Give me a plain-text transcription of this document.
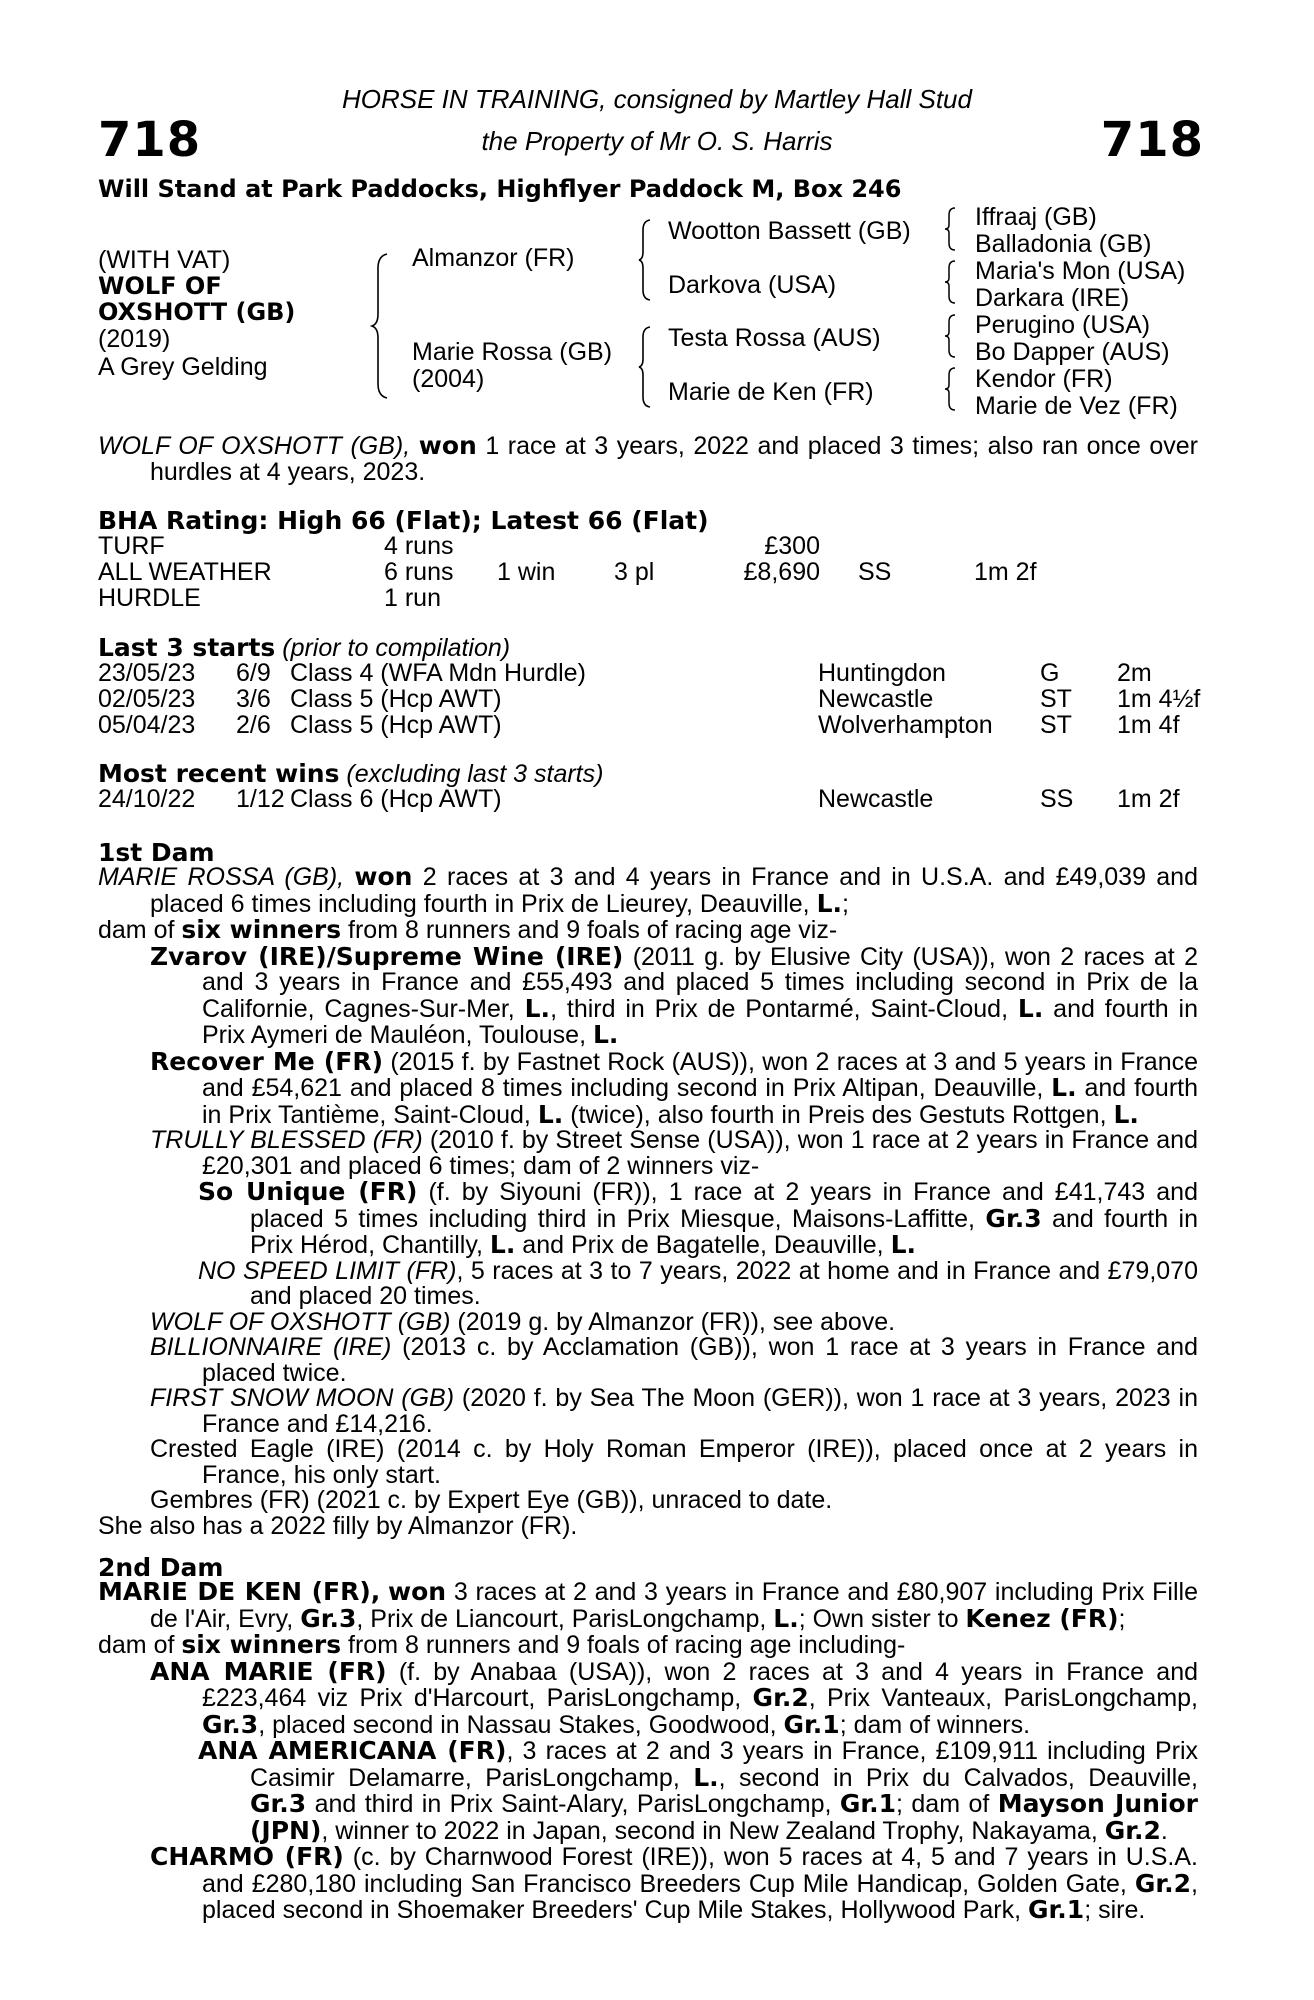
718	718
HORSE IN TRAINING, consigned by Martley Hall Stud
the Property of Mr O. S. Harris
Will Stand at Park Paddocks, Highflyer Paddock M, Box 246
(WITH VAT)
WOLF OF
OXSHOTT (GB)
(2019)
A Grey Gelding
Almanzor (FR)
Marie Rossa (GB)
(2004)
Wootton Bassett (GB)
Darkova (USA)
Testa Rossa (AUS)
Marie de Ken (FR)
Iffraaj (GB)
Balladonia (GB)
Maria's Mon (USA)
Darkara (IRE)
Perugino (USA)
Bo Dapper (AUS)
Kendor (FR)
Marie de Vez (FR)

WOLF OF OXSHOTT (GB), won 1 race at 3 years, 2022 and placed 3 times; also ran once over hurdles at 4 years, 2023.

BHA Rating: High 66 (Flat); Latest 66 (Flat)
TURF	4 runs	£300
ALL WEATHER	6 runs 1 win 3 pl	£8,690 SS	1m 2f
HURDLE	1 run
Last 3 starts (prior to compilation)
23/05/23 6/9 Class 4 (WFA Mdn Hurdle)	Huntingdon	G 2m
02/05/23 3/6 Class 5 (Hcp AWT)	Newcastle	ST 1m 4½f
05/04/23 2/6 Class 5 (Hcp AWT)	Wolverhampton ST 1m 4f
Most recent wins (excluding last 3 starts)
24/10/22 1/12 Class 6 (Hcp AWT)	Newcastle	SS 1m 2f
1st Dam

MARIE ROSSA (GB), won 2 races at 3 and 4 years in France and in U.S.A. and £49,039 and placed 6 times including fourth in Prix de Lieurey, Deauville, L.;

dam of six winners from 8 runners and 9 foals of racing age viz-

Zvarov (IRE)/Supreme Wine (IRE) (2011 g. by Elusive City (USA)), won 2 races at 2 and 3 years in France and £55,493 and placed 5 times including second in Prix de la Californie, Cagnes-Sur-Mer, L., third in Prix de Pontarmé, Saint-Cloud, L. and fourth in Prix Aymeri de Mauléon, Toulouse, L.

Recover Me (FR) (2015 f. by Fastnet Rock (AUS)), won 2 races at 3 and 5 years in France and £54,621 and placed 8 times including second in Prix Altipan, Deauville, L. and fourth in Prix Tantième, Saint-Cloud, L. (twice), also fourth in Preis des Gestuts Rottgen, L.

TRULLY BLESSED (FR) (2010 f. by Street Sense (USA)), won 1 race at 2 years in France and £20,301 and placed 6 times; dam of 2 winners viz-

So Unique (FR) (f. by Siyouni (FR)), 1 race at 2 years in France and £41,743 and placed 5 times including third in Prix Miesque, Maisons-Laffitte, Gr.3 and fourth in Prix Hérod, Chantilly, L. and Prix de Bagatelle, Deauville, L.

NO SPEED LIMIT (FR), 5 races at 3 to 7 years, 2022 at home and in France and £79,070 and placed 20 times.

WOLF OF OXSHOTT (GB) (2019 g. by Almanzor (FR)), see above.

BILLIONNAIRE (IRE) (2013 c. by Acclamation (GB)), won 1 race at 3 years in France and placed twice.

FIRST SNOW MOON (GB) (2020 f. by Sea The Moon (GER)), won 1 race at 3 years, 2023 in France and £14,216.

Crested Eagle (IRE) (2014 c. by Holy Roman Emperor (IRE)), placed once at 2 years in France, his only start.

Gembres (FR) (2021 c. by Expert Eye (GB)), unraced to date.

She also has a 2022 filly by Almanzor (FR).

2nd Dam

MARIE DE KEN (FR), won 3 races at 2 and 3 years in France and £80,907 including Prix Fille de l'Air, Evry, Gr.3, Prix de Liancourt, ParisLongchamp, L.; Own sister to Kenez (FR);

dam of six winners from 8 runners and 9 foals of racing age including-

ANA MARIE (FR) (f. by Anabaa (USA)), won 2 races at 3 and 4 years in France and £223,464 viz Prix d'Harcourt, ParisLongchamp, Gr.2, Prix Vanteaux, ParisLongchamp, Gr.3, placed second in Nassau Stakes, Goodwood, Gr.1; dam of winners.

ANA AMERICANA (FR), 3 races at 2 and 3 years in France, £109,911 including Prix Casimir Delamarre, ParisLongchamp, L., second in Prix du Calvados, Deauville, Gr.3 and third in Prix Saint-Alary, ParisLongchamp, Gr.1; dam of Mayson Junior (JPN), winner to 2022 in Japan, second in New Zealand Trophy, Nakayama, Gr.2.

CHARMO (FR) (c. by Charnwood Forest (IRE)), won 5 races at 4, 5 and 7 years in U.S.A. and £280,180 including San Francisco Breeders Cup Mile Handicap, Golden Gate, Gr.2, placed second in Shoemaker Breeders' Cup Mile Stakes, Hollywood Park, Gr.1; sire.
